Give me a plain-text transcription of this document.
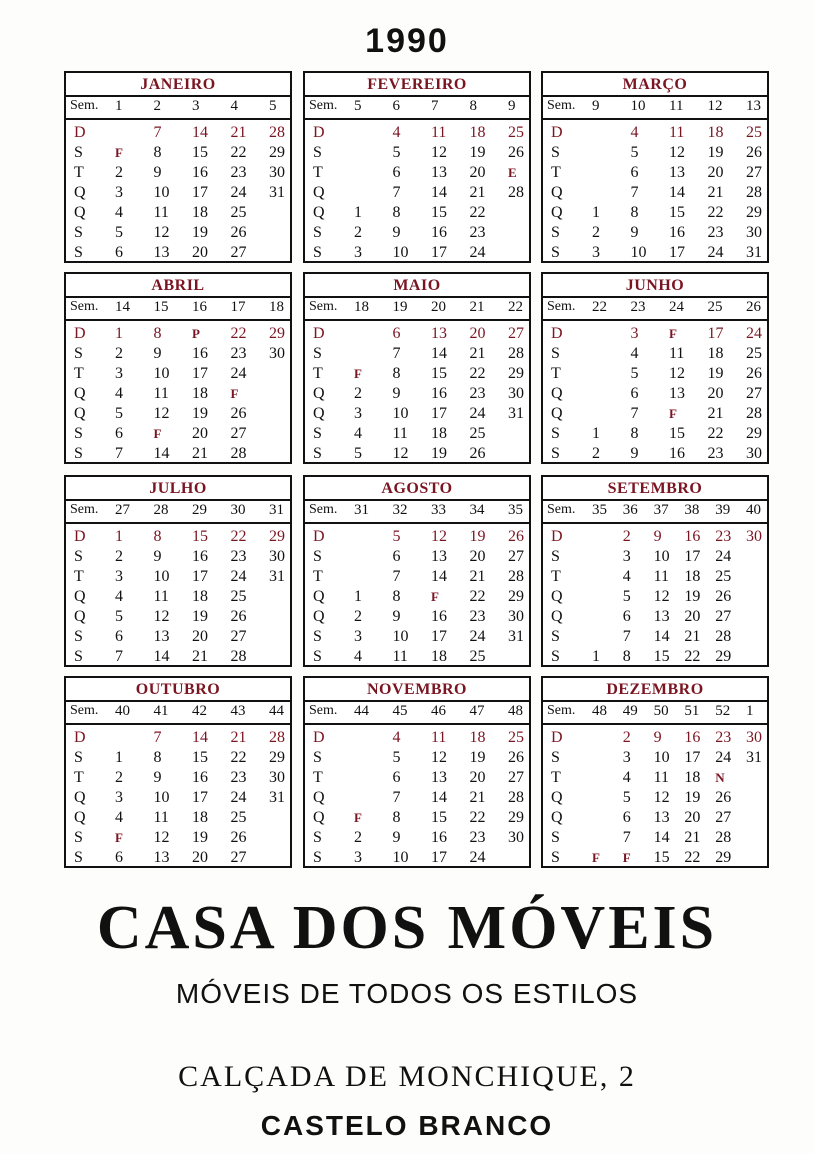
1990
JANEIRO
Sem. 1 2 3 4 5
D
S
T
Q
Q
S
S
7 14 21 28
F 8 15 22 29
2 9 16 23 30
3 10 17 24 31
4 11 18 25
5 12 19 26
6 13 20 27
FEVEREIRO
Sem. 5 6 7 8 9
D
S
T
Q
Q
S
S
4 11 18 25
5 12 19 26
6 13 20 E
7 14 21 28
1 8 15 22
2 9 16 23
3 10 17 24
MARÇO
Sem. 9 10 11 12 13
D
S
T
Q
Q
S
S
4 11 18 25
5 12 19 26
6 13 20 27
7 14 21 28
1 8 15 22 29
2 9 16 23 30
3 10 17 24 31
ABRIL
Sem. 14 15 16 17 18
D
S
T
Q
Q
S
S
1 8 P 22 29
2 9 16 23 30
3 10 17 24
4 11 18 F
5 12 19 26
6 F 20 27
7 14 21 28
MAIO
Sem. 18 19 20 21 22
D
S
T
Q
Q
S
S
6 13 20 27
7 14 21 28
F 8 15 22 29
2 9 16 23 30
3 10 17 24 31
4 11 18 25
5 12 19 26
JUNHO
Sem. 22 23 24 25 26
D
S
T
Q
Q
S
S
3 F 17 24
4 11 18 25
5 12 19 26
6 13 20 27
7 F 21 28
1 8 15 22 29
2 9 16 23 30
JULHO
Sem. 27 28 29 30 31
D
S
T
Q
Q
S
S
1 8 15 22 29
2 9 16 23 30
3 10 17 24 31
4 11 18 25
5 12 19 26
6 13 20 27
7 14 21 28
AGOSTO
Sem. 31 32 33 34 35
D
S
T
Q
Q
S
S
5 12 19 26
6 13 20 27
7 14 21 28
1 8 F 22 29
2 9 16 23 30
3 10 17 24 31
4 11 18 25
SETEMBRO
Sem. 35 36 37 38 39 40
D
S
T
Q
Q
S
S
2 9 16 23 30
3 10 17 24
4 11 18 25
5 12 19 26
6 13 20 27
7 14 21 28
1 8 15 22 29
OUTUBRO
Sem. 40 41 42 43 44
D
S
T
Q
Q
S
S
7 14 21 28
1 8 15 22 29
2 9 16 23 30
3 10 17 24 31
4 11 18 25
F 12 19 26
6 13 20 27
NOVEMBRO
Sem. 44 45 46 47 48
D
S
T
Q
Q
S
S
4 11 18 25
5 12 19 26
6 13 20 27
7 14 21 28
F 8 15 22 29
2 9 16 23 30
3 10 17 24
DEZEMBRO
Sem. 48 49 50 51 52 1
D
S
T
Q
Q
S
S
2 9 16 23 30
3 10 17 24 31
4 11 18 N
5 12 19 26
6 13 20 27
7 14 21 28
F F 15 22 29
CASA DOS MÓVEIS
MÓVEIS DE TODOS OS ESTILOS
CALÇADA DE MONCHIQUE, 2
CASTELO BRANCO
